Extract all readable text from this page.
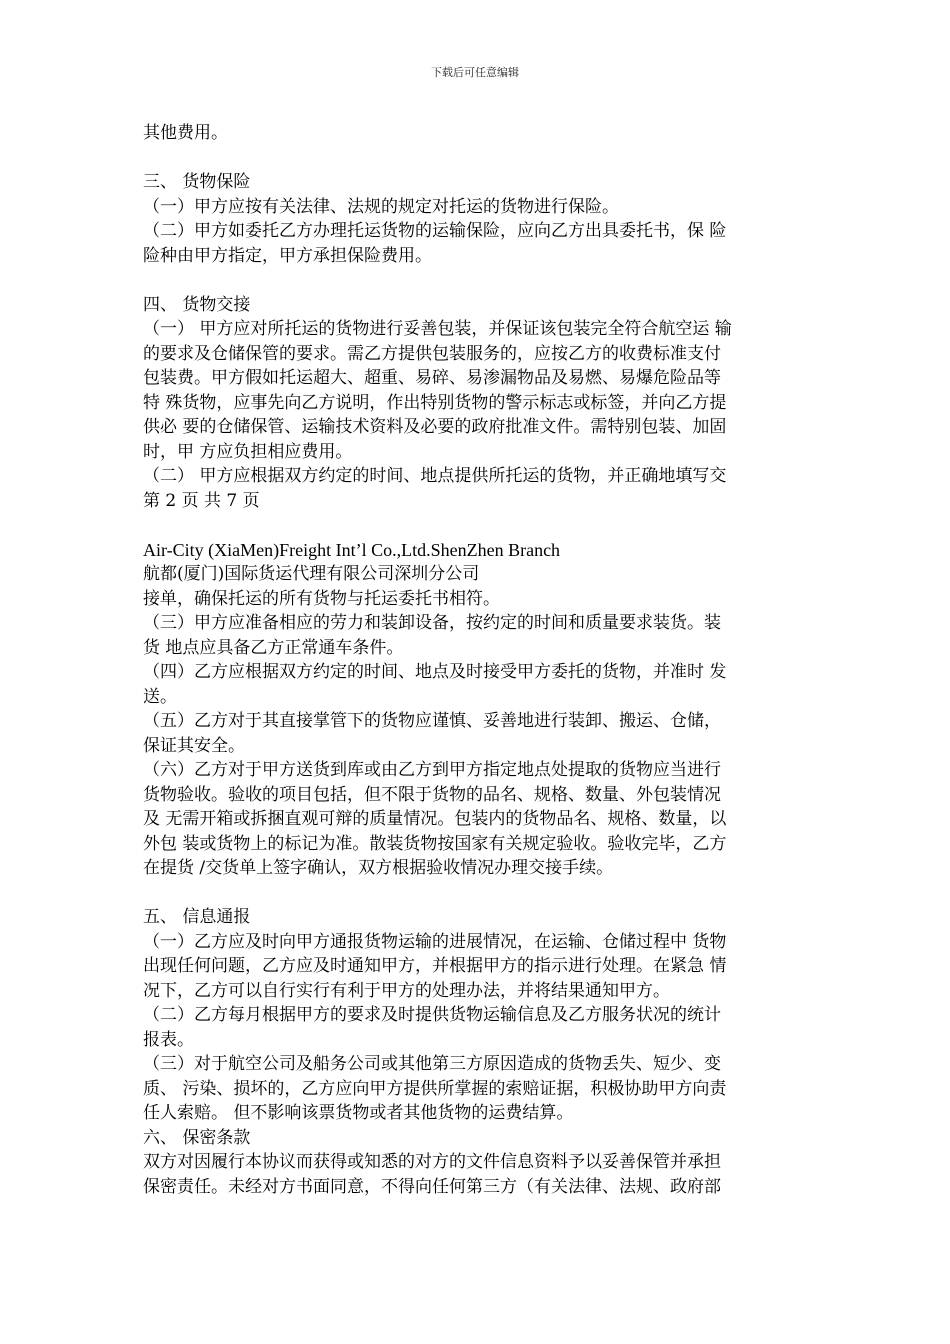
下载后可任意编辑
其他费用。
三、 货物保险
（一）甲方应按有关法律、法规的规定对托运的货物进行保险。
（二）甲方如委托乙方办理托运货物的运输保险，应向乙方出具委托书，保 险
险种由甲方指定，甲方承担保险费用。
四、 货物交接
（一） 甲方应对所托运的货物进行妥善包装，并保证该包装完全符合航空运 输
的要求及仓储保管的要求。需乙方提供包装服务的，应按乙方的收费标准支付
包装费。甲方假如托运超大、超重、易碎、易渗漏物品及易燃、易爆危险品等
特 殊货物，应事先向乙方说明，作出特别货物的警示标志或标签，并向乙方提
供必 要的仓储保管、运输技术资料及必要的政府批准文件。需特别包装、加固
时，甲 方应负担相应费用。
（二） 甲方应根据双方约定的时间、地点提供所托运的货物，并正确地填写交
第 2 页 共 7 页
Air-City (XiaMen)Freight Int’l Co.,Ltd.ShenZhen Branch
航都(厦门)国际货运代理有限公司深圳分公司
接单，确保托运的所有货物与托运委托书相符。
（三）甲方应准备相应的劳力和装卸设备，按约定的时间和质量要求装货。装
货 地点应具备乙方正常通车条件。
（四）乙方应根据双方约定的时间、地点及时接受甲方委托的货物，并准时 发
送。
（五）乙方对于其直接掌管下的货物应谨慎、妥善地进行装卸、搬运、仓储，
保证其安全。
（六）乙方对于甲方送货到库或由乙方到甲方指定地点处提取的货物应当进行
货物验收。验收的项目包括，但不限于货物的品名、规格、数量、外包装情况
及 无需开箱或拆捆直观可辩的质量情况。包装内的货物品名、规格、数量，以
外包 装或货物上的标记为准。散装货物按国家有关规定验收。验收完毕，乙方
在提货 /交货单上签字确认，双方根据验收情况办理交接手续。
五、 信息通报
（一）乙方应及时向甲方通报货物运输的进展情况，在运输、仓储过程中 货物
出现任何问题，乙方应及时通知甲方，并根据甲方的指示进行处理。在紧急 情
况下，乙方可以自行实行有利于甲方的处理办法，并将结果通知甲方。
（二）乙方每月根据甲方的要求及时提供货物运输信息及乙方服务状况的统计
报表。
（三）对于航空公司及船务公司或其他第三方原因造成的货物丢失、短少、变
质、 污染、损坏的，乙方应向甲方提供所掌握的索赔证据，积极协助甲方向责
任人索赔。 但不影响该票货物或者其他货物的运费结算。
六、 保密条款
双方对因履行本协议而获得或知悉的对方的文件信息资料予以妥善保管并承担
保密责任。未经对方书面同意，不得向任何第三方（有关法律、法规、政府部
